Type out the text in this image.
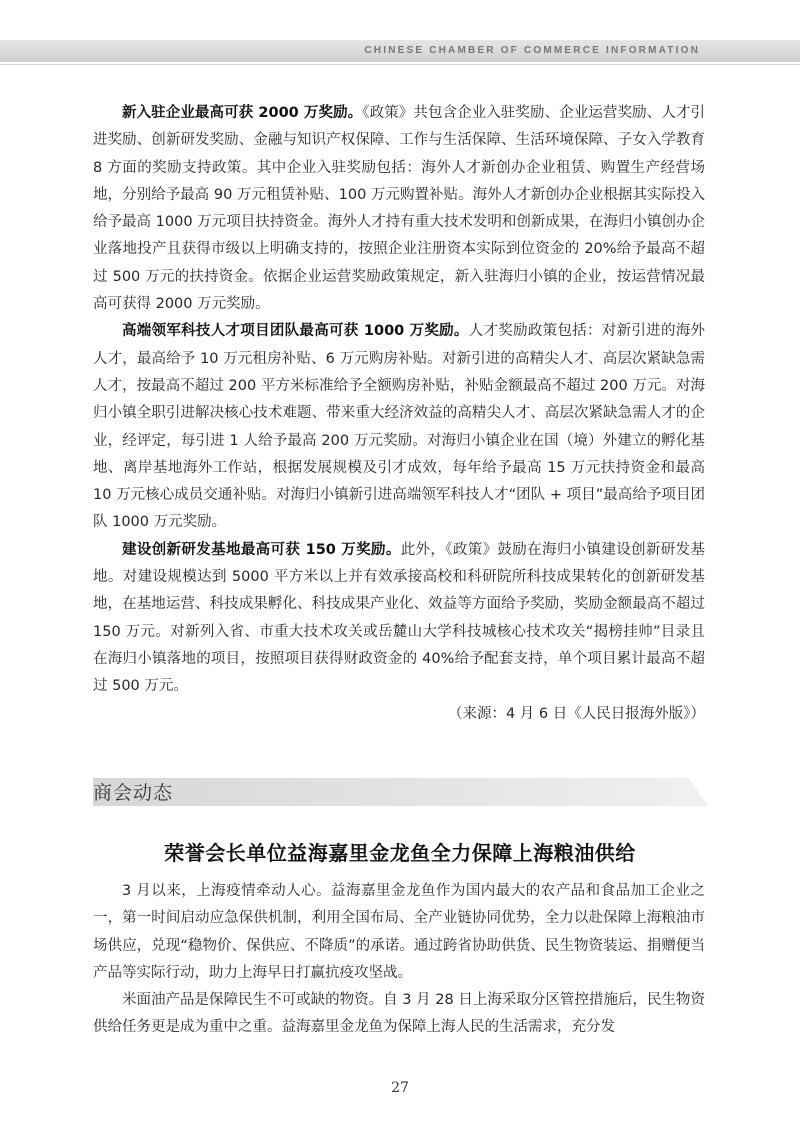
CHINESE CHAMBER OF COMMERCE INFORMATION

新入驻企业最高可获 2000 万奖励。《政策》共包含企业入驻奖励、企业运营奖励、人才引进奖励、创新研发奖励、金融与知识产权保障、工作与生活保障、生活环境保障、子女入学教育 8 方面的奖励支持政策。其中企业入驻奖励包括：海外人才新创办企业租赁、购置生产经营场地，分别给予最高 90 万元租赁补贴、100 万元购置补贴。海外人才新创办企业根据其实际投入给予最高 1000 万元项目扶持资金。海外人才持有重大技术发明和创新成果，在海归小镇创办企业落地投产且获得市级以上明确支持的，按照企业注册资本实际到位资金的 20%给予最高不超过 500 万元的扶持资金。依据企业运营奖励政策规定，新入驻海归小镇的企业，按运营情况最高可获得 2000 万元奖励。

高端领军科技人才项目团队最高可获 1000 万奖励。人才奖励政策包括：对新引进的海外人才，最高给予 10 万元租房补贴、6 万元购房补贴。对新引进的高精尖人才、高层次紧缺急需人才，按最高不超过 200 平方米标准给予全额购房补贴，补贴金额最高不超过 200 万元。对海归小镇全职引进解决核心技术难题、带来重大经济效益的高精尖人才、高层次紧缺急需人才的企业，经评定，每引进 1 人给予最高 200 万元奖励。对海归小镇企业在国（境）外建立的孵化基地、离岸基地海外工作站，根据发展规模及引才成效，每年给予最高 15 万元扶持资金和最高 10 万元核心成员交通补贴。对海归小镇新引进高端领军科技人才“团队 + 项目”最高给予项目团队 1000 万元奖励。

建设创新研发基地最高可获 150 万奖励。此外，《政策》鼓励在海归小镇建设创新研发基地。对建设规模达到 5000 平方米以上并有效承接高校和科研院所科技成果转化的创新研发基地，在基地运营、科技成果孵化、科技成果产业化、效益等方面给予奖励，奖励金额最高不超过 150 万元。对新列入省、市重大技术攻关或岳麓山大学科技城核心技术攻关“揭榜挂帅”目录且在海归小镇落地的项目，按照项目获得财政资金的 40%给予配套支持，单个项目累计最高不超过 500 万元。
（来源：4 月 6 日《人民日报海外版》）

商会动态
荣誉会长单位益海嘉里金龙鱼全力保障上海粮油供给

3 月以来，上海疫情牵动人心。益海嘉里金龙鱼作为国内最大的农产品和食品加工企业之一，第一时间启动应急保供机制，利用全国布局、全产业链协同优势，全力以赴保障上海粮油市场供应，兑现“稳物价、保供应、不降质”的承诺。通过跨省协助供货、民生物资装运、捐赠便当产品等实际行动，助力上海早日打赢抗疫攻坚战。

米面油产品是保障民生不可或缺的物资。自 3 月 28 日上海采取分区管控措施后，民生物资供给任务更是成为重中之重。益海嘉里金龙鱼为保障上海人民的生活需求，充分发

27
